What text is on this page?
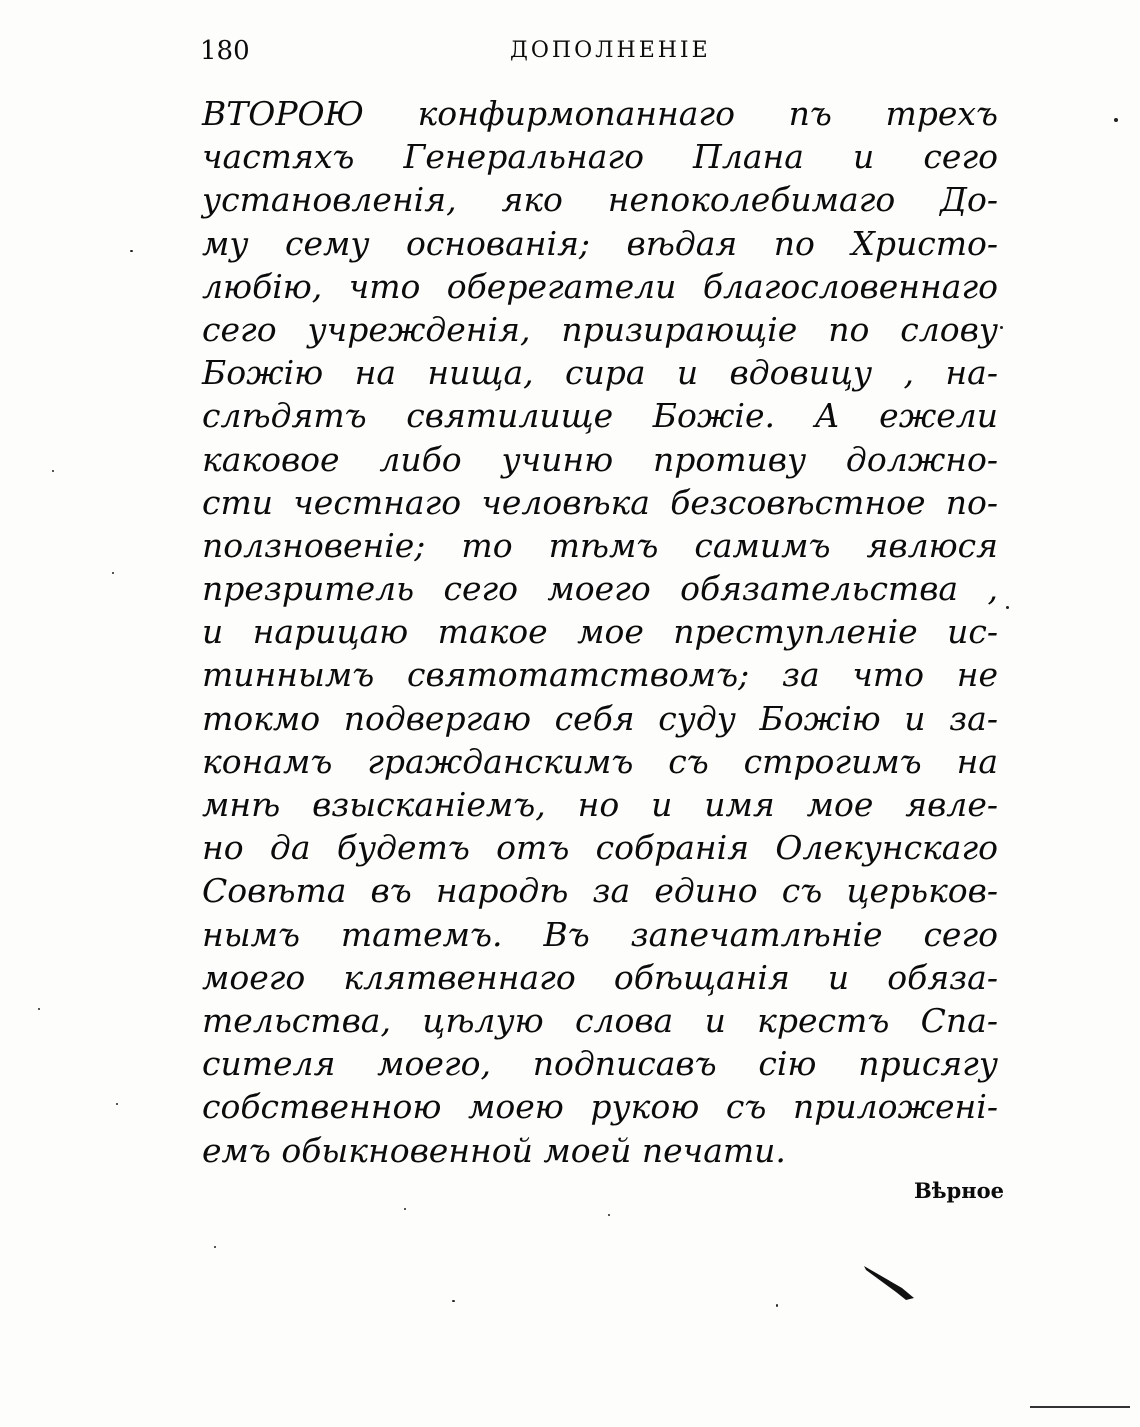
180	ДОПОЛНЕНІЕ
ВТОРОЮ конфирмопаннаго пъ трехъ
частяхъ Генеральнаго Плана и сего
установленія, яко непоколебимаго До-
му сему основанія; вѣдая по Христо-
любію, что оберегатели благословеннаго
сего учрежденія, призирающіе по слову
Божію на нища, сира и вдовицу , на-
слѣдятъ святилище Божіе. А ежели
каковое либо учиню противу должно-
сти честнаго человѣка безсовѣстное по-
ползновеніе; то тѣмъ самимъ явлюся
презритель сего моего обязательства ,
и нарицаю такое мое преступленіе ис-
тиннымъ святотатствомъ; за что не
токмо подвергаю себя суду Божію и за-
конамъ гражданскимъ съ строгимъ на
мнѣ взысканіемъ, но и имя мое явле-
но да будетъ отъ собранія Олекунскаго
Совѣта въ народѣ за едино съ церьков-
нымъ татемъ. Въ запечатлѣніе сего
моего клятвеннаго обѣщанія и обяза-
тельства, цѣлую слова и крестъ Спа-
сителя моего, подписавъ сію присягу
собственною моею рукою съ приложені-
емъ обыкновенной моей печати.
Вѣрное
